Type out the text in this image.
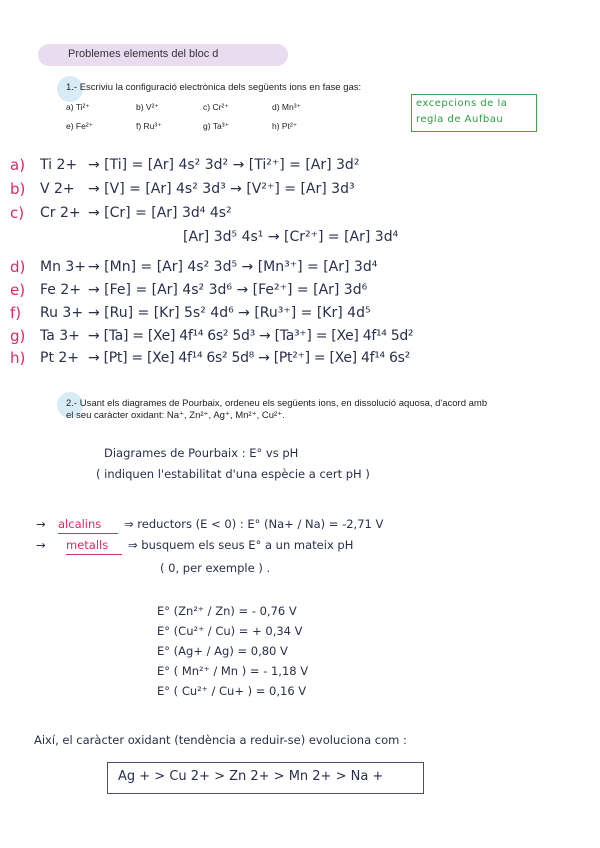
Problemes elements del bloc d
1.- Escriviu la configuració electrònica dels següents ions en fase gas:
a) Ti²⁺	b) V²⁺	c) Cr²⁺	d) Mn³⁺
e) Fe²⁺	f) Ru³⁺	g) Ta³⁺	h) Pt²⁺
excepcions de la
regla de Aufbau
a) Ti 2+ → [Ti] = [Ar] 4s² 3d² → [Ti²⁺] = [Ar] 3d²
b) V 2+ → [V] = [Ar] 4s² 3d³ → [V²⁺] = [Ar] 3d³
c) Cr 2+ → [Cr] = [Ar] 3d⁴ 4s²
[Ar] 3d⁵ 4s¹ → [Cr²⁺] = [Ar] 3d⁴
d) Mn 3+ → [Mn] = [Ar] 4s² 3d⁵ → [Mn³⁺] = [Ar] 3d⁴
e) Fe 2+ → [Fe] = [Ar] 4s² 3d⁶ → [Fe²⁺] = [Ar] 3d⁶
f) Ru 3+ → [Ru] = [Kr] 5s² 4d⁶ → [Ru³⁺] = [Kr] 4d⁵
g) Ta 3+ → [Ta] = [Xe] 4f¹⁴ 6s² 5d³ → [Ta³⁺] = [Xe] 4f¹⁴ 5d²
h) Pt 2+ → [Pt] = [Xe] 4f¹⁴ 6s² 5d⁸ → [Pt²⁺] = [Xe] 4f¹⁴ 6s²
2.- Usant els diagrames de Pourbaix, ordeneu els següents ions, en dissolució aquosa, d'acord amb
el seu caràcter oxidant: Na⁺, Zn²⁺, Ag⁺, Mn²⁺, Cu²⁺.
Diagrames de Pourbaix : E° vs pH
( indiquen l'estabilitat d'una espècie a cert pH )
→ alcalins ⇒ reductors (E < 0) : E° (Na+ / Na) = -2,71 V
→ metalls ⇒ busquem els seus E° a un mateix pH
( 0, per exemple ) .
E° (Zn²⁺ / Zn) = - 0,76 V
E° (Cu²⁺ / Cu) = + 0,34 V
E° (Ag+ / Ag) = 0,80 V
E° ( Mn²⁺ / Mn ) = - 1,18 V
E° ( Cu²⁺ / Cu+ ) = 0,16 V
Així, el caràcter oxidant (tendència a reduir-se) evoluciona com :
Ag + > Cu 2+ > Zn 2+ > Mn 2+ > Na +
